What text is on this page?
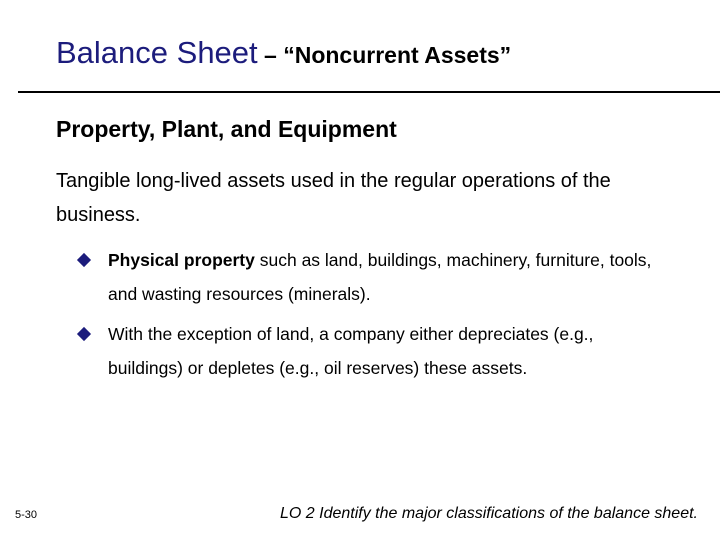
Balance Sheet – “Noncurrent Assets”
Property, Plant, and Equipment
Tangible long-lived assets used in the regular operations of the business.
Physical property such as land, buildings, machinery, furniture, tools, and wasting resources (minerals).
With the exception of land, a company either depreciates (e.g., buildings) or depletes (e.g., oil reserves) these assets.
5-30	LO 2 Identify the major classifications of the balance sheet.
